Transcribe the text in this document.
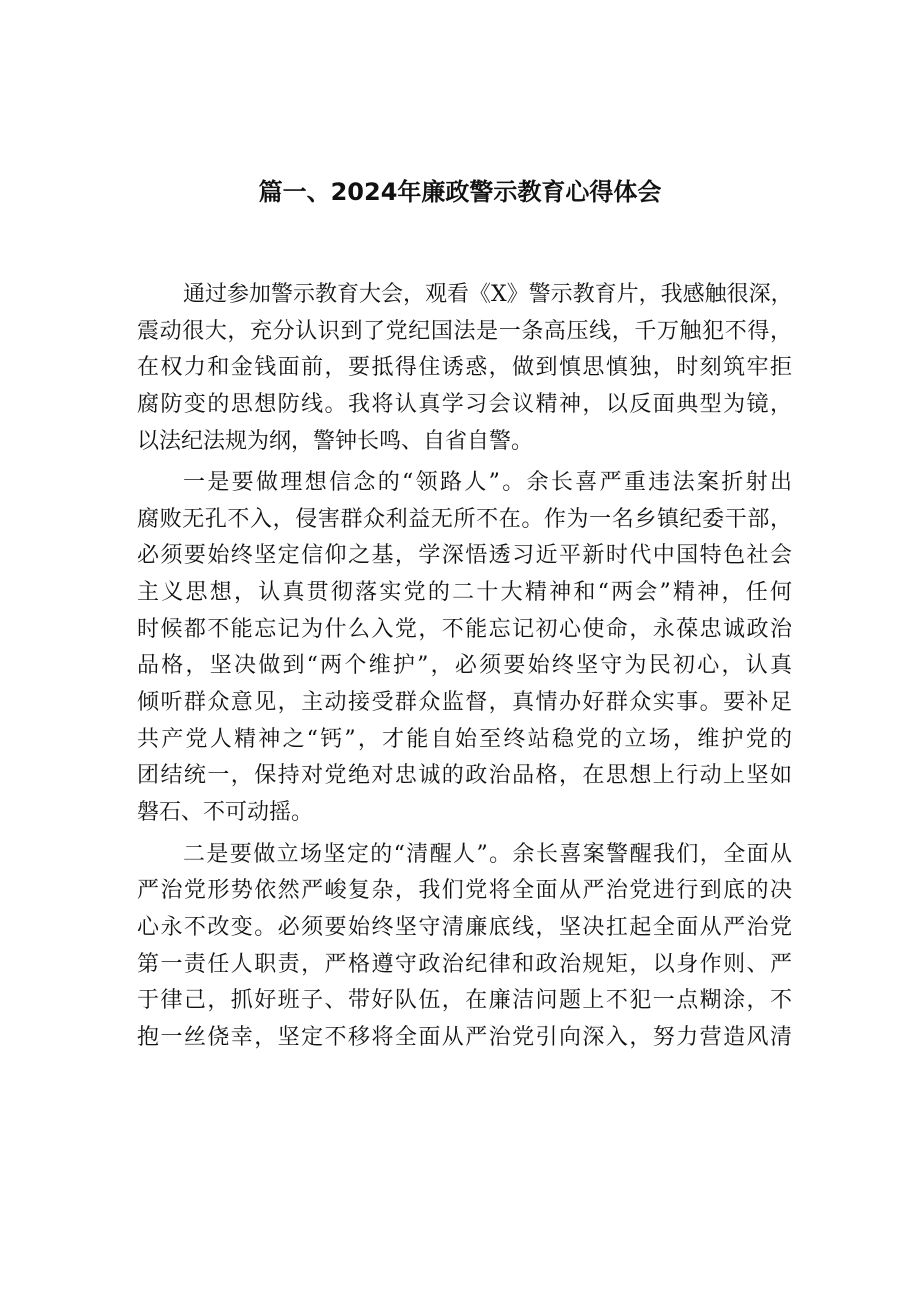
篇一、2024年廉政警示教育心得体会
通过参加警示教育大会，观看《X》警示教育片，我感触很深，
震动很大，充分认识到了党纪国法是一条高压线，千万触犯不得，
在权力和金钱面前，要抵得住诱惑，做到慎思慎独，时刻筑牢拒
腐防变的思想防线。我将认真学习会议精神，以反面典型为镜，
以法纪法规为纲，警钟长鸣、自省自警。
一是要做理想信念的“领路人”。余长喜严重违法案折射出
腐败无孔不入，侵害群众利益无所不在。作为一名乡镇纪委干部，
必须要始终坚定信仰之基，学深悟透习近平新时代中国特色社会
主义思想，认真贯彻落实党的二十大精神和“两会”精神，任何
时候都不能忘记为什么入党，不能忘记初心使命，永葆忠诚政治
品格，坚决做到“两个维护”，必须要始终坚守为民初心，认真
倾听群众意见，主动接受群众监督，真情办好群众实事。要补足
共产党人精神之“钙”，才能自始至终站稳党的立场，维护党的
团结统一，保持对党绝对忠诚的政治品格，在思想上行动上坚如
磐石、不可动摇。
二是要做立场坚定的“清醒人”。余长喜案警醒我们，全面从
严治党形势依然严峻复杂，我们党将全面从严治党进行到底的决
心永不改变。必须要始终坚守清廉底线，坚决扛起全面从严治党
第一责任人职责，严格遵守政治纪律和政治规矩，以身作则、严
于律己，抓好班子、带好队伍，在廉洁问题上不犯一点糊涂，不
抱一丝侥幸，坚定不移将全面从严治党引向深入，努力营造风清
